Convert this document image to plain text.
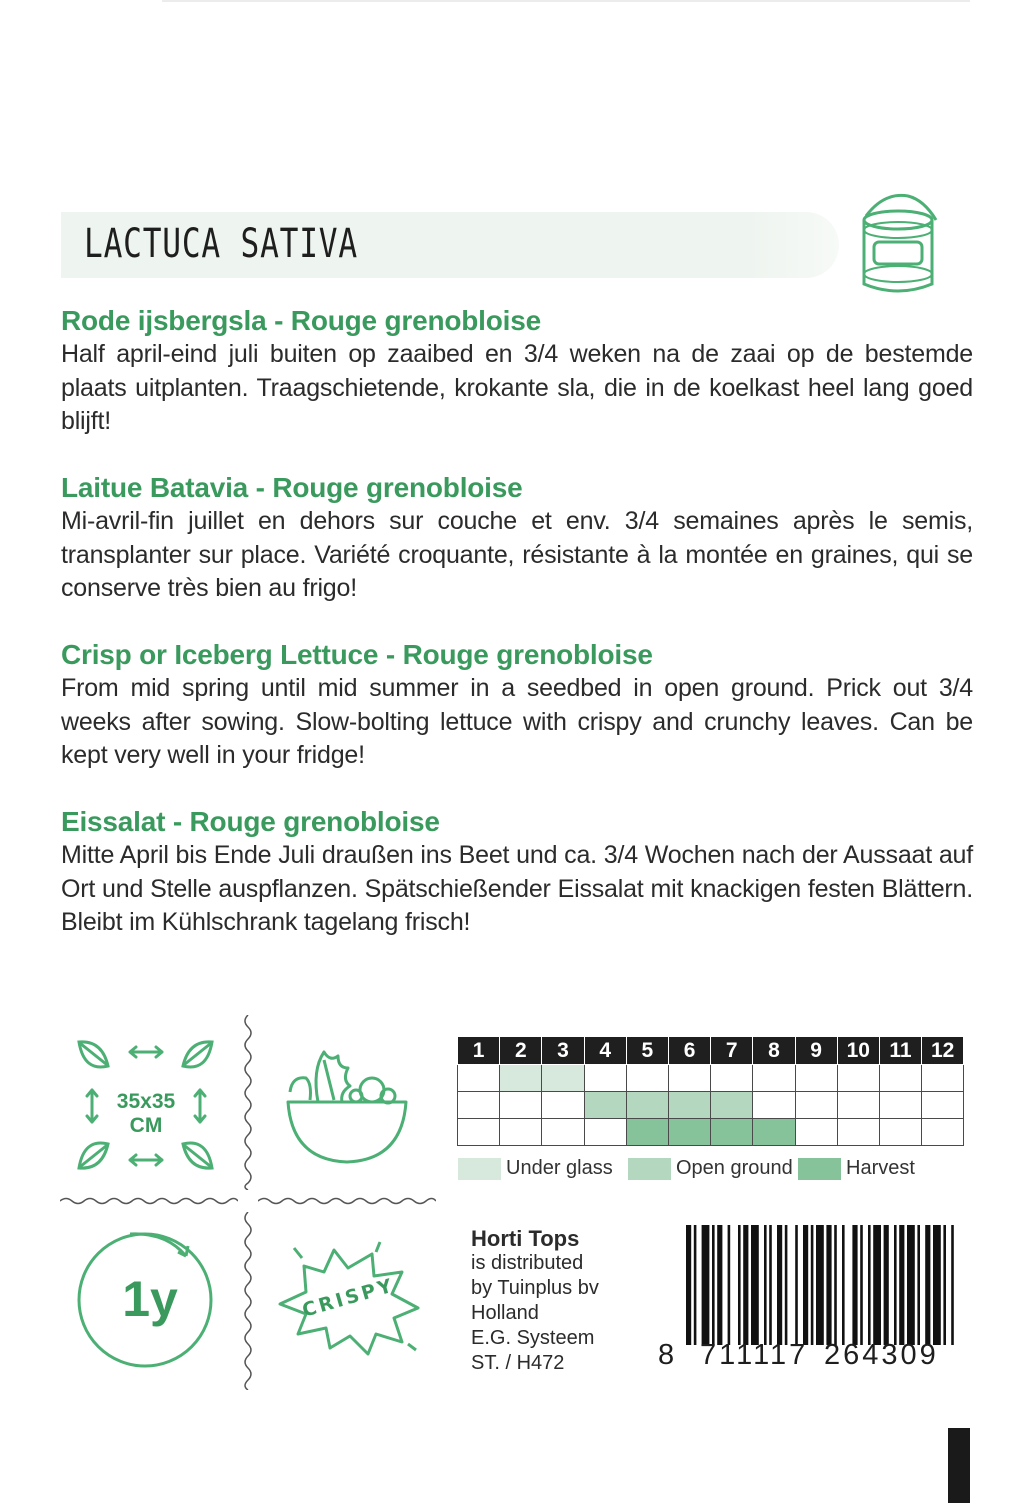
LACTUCA SATIVA
Rode ijsbergsla - Rouge grenobloise

Half april-eind juli buiten op zaaibed en 3/4 weken na de zaai op de bestemde plaats uitplanten. Traagschietende, krokante sla, die in de koelkast heel lang goed blijft!

Laitue Batavia - Rouge grenobloise

Mi-avril-fin juillet en dehors sur couche et env. 3/4 semaines après le semis, transplanter sur place. Variété croquante, résistante à la montée en graines, qui se conserve très bien au frigo!

Crisp or Iceberg Lettuce - Rouge grenobloise

From mid spring until mid summer in a seedbed in open ground. Prick out 3/4 weeks after sowing. Slow-bolting lettuce with crispy and crunchy leaves. Can be kept very well in your fridge!

Eissalat - Rouge grenobloise

Mitte April bis Ende Juli draußen ins Beet und ca. 3/4 Wochen nach der Aussaat auf Ort und Stelle auspflanzen. Spätschießender Eissalat mit knackigen festen Blättern. Bleibt im Kühlschrank tagelang frisch!

35x35
CM
1y	CRISPY
1	2	3	4	5	6	7	8	9	10	11	12

Under glass	Open ground	Harvest
Horti Tops
is distributed
by Tuinplus bv
Holland
E.G. Systeem
ST. / H472	8 711117 264309
